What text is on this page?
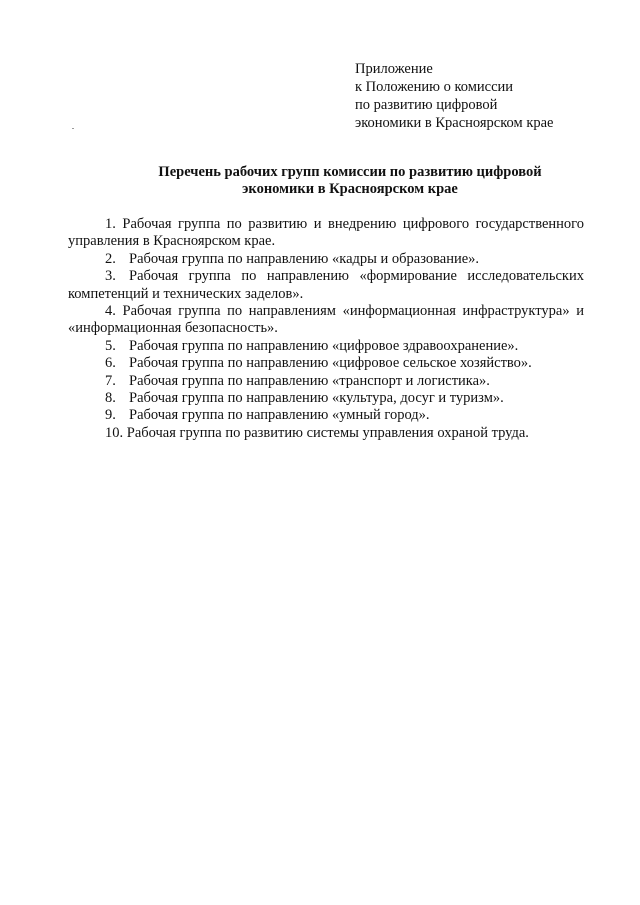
Приложение
к Положению о комиссии
по развитию цифровой
экономики в Красноярском крае
Перечень рабочих групп комиссии по развитию цифровой
экономики в Красноярском крае
1. Рабочая группа по развитию и внедрению цифрового государственного управления в Красноярском крае.
2. Рабочая группа по направлению «кадры и образование».
3. Рабочая группа по направлению «формирование исследовательских компетенций и технических заделов».
4. Рабочая группа по направлениям «информационная инфраструктура» и «информационная безопасность».
5. Рабочая группа по направлению «цифровое здравоохранение».
6. Рабочая группа по направлению «цифровое сельское хозяйство».
7. Рабочая группа по направлению «транспорт и логистика».
8. Рабочая группа по направлению «культура, досуг и туризм».
9. Рабочая группа по направлению «умный город».
10. Рабочая группа по развитию системы управления охраной труда.
